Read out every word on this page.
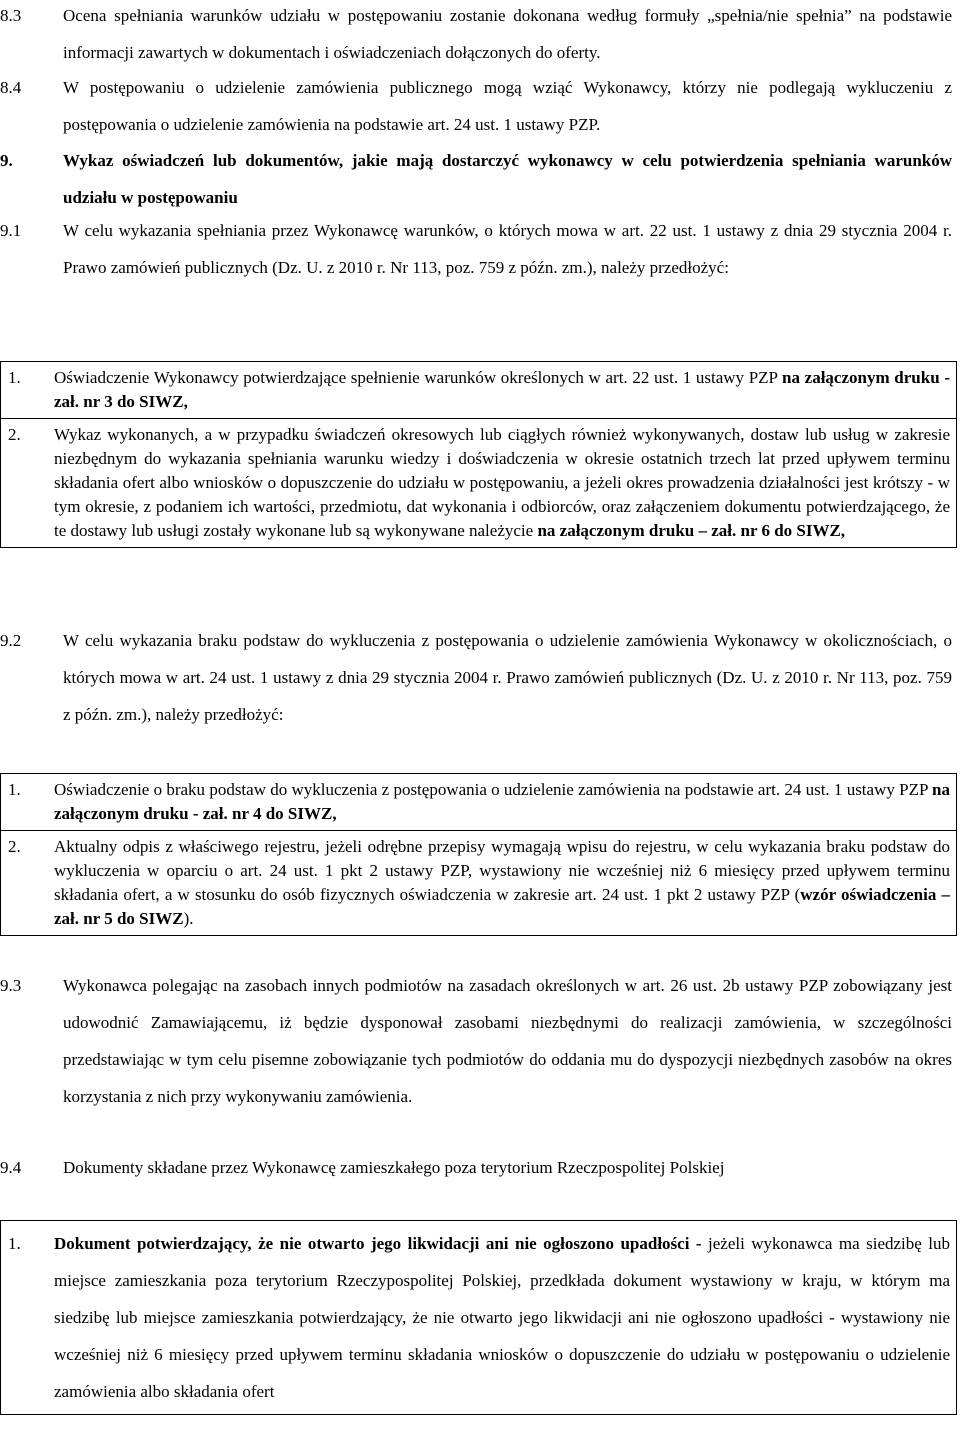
8.3 Ocena spełniania warunków udziału w postępowaniu zostanie dokonana według formuły „spełnia/nie spełnia” na podstawie informacji zawartych w dokumentach i oświadczeniach dołączonych do oferty.
8.4 W postępowaniu o udzielenie zamówienia publicznego mogą wziąć Wykonawcy, którzy nie podlegają wykluczeniu z postępowania o udzielenie zamówienia na podstawie art. 24 ust. 1 ustawy PZP.
9.	Wykaz oświadczeń lub dokumentów, jakie mają dostarczyć wykonawcy w celu potwierdzenia spełniania warunków udziału w postępowaniu
9.1 W celu wykazania spełniania przez Wykonawcę warunków, o których mowa w art. 22 ust. 1 ustawy z dnia 29 stycznia 2004 r. Prawo zamówień publicznych (Dz. U. z 2010 r. Nr 113, poz. 759 z późn. zm.), należy przedłożyć:
1.	Oświadczenie Wykonawcy potwierdzające spełnienie warunków określonych w art. 22 ust. 1 ustawy PZP na załączonym druku - zał. nr 3 do SIWZ,
2.	Wykaz wykonanych, a w przypadku świadczeń okresowych lub ciągłych również wykonywanych, dostaw lub usług w zakresie niezbędnym do wykazania spełniania warunku wiedzy i doświadczenia w okresie ostatnich trzech lat przed upływem terminu składania ofert albo wniosków o dopuszczenie do udziału w postępowaniu, a jeżeli okres prowadzenia działalności jest krótszy - w tym okresie, z podaniem ich wartości, przedmiotu, dat wykonania i odbiorców, oraz załączeniem dokumentu potwierdzającego, że te dostawy lub usługi zostały wykonane lub są wykonywane należycie na załączonym druku – zał. nr 6 do SIWZ,
9.2 W celu wykazania braku podstaw do wykluczenia z postępowania o udzielenie zamówienia Wykonawcy w okolicznościach, o których mowa w art. 24 ust. 1 ustawy z dnia 29 stycznia 2004 r. Prawo zamówień publicznych (Dz. U. z 2010 r. Nr 113, poz. 759 z późn. zm.), należy przedłożyć:
1.	Oświadczenie o braku podstaw do wykluczenia z postępowania o udzielenie zamówienia na podstawie art. 24 ust. 1 ustawy PZP na załączonym druku - zał. nr 4 do SIWZ,
2.	Aktualny odpis z właściwego rejestru, jeżeli odrębne przepisy wymagają wpisu do rejestru, w celu wykazania braku podstaw do wykluczenia w oparciu o art. 24 ust. 1 pkt 2 ustawy PZP, wystawiony nie wcześniej niż 6 miesięcy przed upływem terminu składania ofert, a w stosunku do osób fizycznych oświadczenia w zakresie art. 24 ust. 1 pkt 2 ustawy PZP (wzór oświadczenia – zał. nr 5 do SIWZ).
9.3 Wykonawca polegając na zasobach innych podmiotów na zasadach określonych w art. 26 ust. 2b ustawy PZP zobowiązany jest udowodnić Zamawiającemu, iż będzie dysponował zasobami niezbędnymi do realizacji zamówienia, w szczególności przedstawiając w tym celu pisemne zobowiązanie tych podmiotów do oddania mu do dyspozycji niezbędnych zasobów na okres korzystania z nich przy wykonywaniu zamówienia.
9.4 Dokumenty składane przez Wykonawcę zamieszkałego poza terytorium Rzeczpospolitej Polskiej
1.	Dokument potwierdzający, że nie otwarto jego likwidacji ani nie ogłoszono upadłości - jeżeli wykonawca ma siedzibę lub miejsce zamieszkania poza terytorium Rzeczypospolitej Polskiej, przedkłada dokument wystawiony w kraju, w którym ma siedzibę lub miejsce zamieszkania potwierdzający, że nie otwarto jego likwidacji ani nie ogłoszono upadłości - wystawiony nie wcześniej niż 6 miesięcy przed upływem terminu składania wniosków o dopuszczenie do udziału w postępowaniu o udzielenie zamówienia albo składania ofert
